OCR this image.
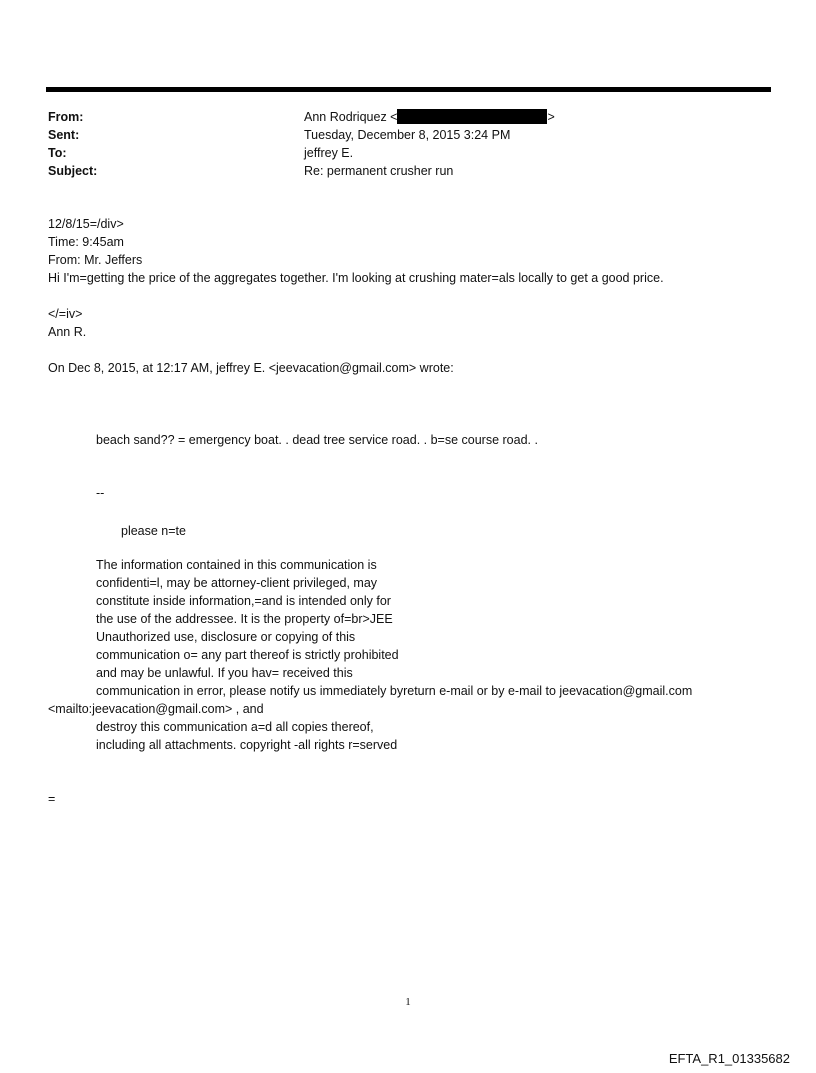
From:	Ann Rodriquez <	>
Sent:	Tuesday, December 8, 2015 3:24 PM
To:	jeffrey E.
Subject:	Re: permanent crusher run
12/8/15=/div>
Time: 9:45am
From: Mr. Jeffers
Hi I'm=getting the price of the aggregates together. I'm looking at crushing mater=als locally to get a good price.
</=iv>
Ann R.
On Dec 8, 2015, at 12:17 AM, jeffrey E. <jeevacation@gmail.com> wrote:
beach sand?? = emergency boat. . dead tree service road. . b=se course road. .
--
please n=te
The information contained in this communication is
confidenti=l, may be attorney-client privileged, may
constitute inside information,=and is intended only for
the use of the addressee. It is the property of=br>JEE
Unauthorized use, disclosure or copying of this
communication o= any part thereof is strictly prohibited
and may be unlawful. If you hav= received this
communication in error, please notify us immediately byreturn e-mail or by e-mail to jeevacation@gmail.com
<mailto:jeevacation@gmail.com> , and
destroy this communication a=d all copies thereof,
including all attachments. copyright -all rights r=served
=
1
EFTA_R1_01335682
